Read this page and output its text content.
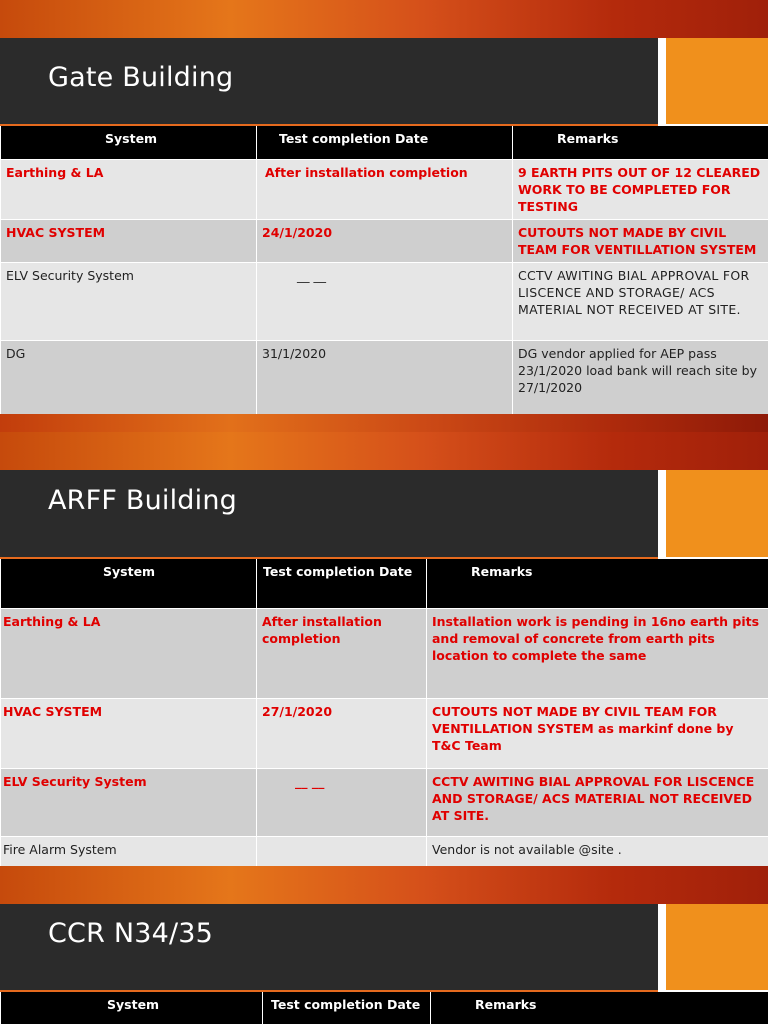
Gate Building
System	Test completion Date	Remarks
Earthing & LA	After installation completion	9 EARTH PITS OUT OF 12 CLEARED WORK TO BE COMPLETED FOR TESTING
HVAC SYSTEM	24/1/2020	CUTOUTS NOT MADE BY CIVIL TEAM FOR VENTILLATION SYSTEM
ELV Security System	__ __	CCTV AWITING BIAL APPROVAL FOR LISCENCE AND STORAGE/ ACS MATERIAL NOT RECEIVED AT SITE.
DG	31/1/2020	DG vendor applied for AEP pass 23/1/2020 load bank will reach site by 27/1/2020
ARFF Building
System	Test completion Date	Remarks
Earthing & LA	After installation completion	Installation work is pending in 16no earth pits and removal of concrete from earth pits location to complete the same
HVAC SYSTEM	27/1/2020	CUTOUTS NOT MADE BY CIVIL TEAM FOR VENTILLATION SYSTEM as markinf done by T&C Team
ELV Security System	__ __	CCTV AWITING BIAL APPROVAL FOR LISCENCE AND STORAGE/ ACS MATERIAL NOT RECEIVED AT SITE.
Fire Alarm System		Vendor is not available @site .
CCR N34/35
System	Test completion Date	Remarks
